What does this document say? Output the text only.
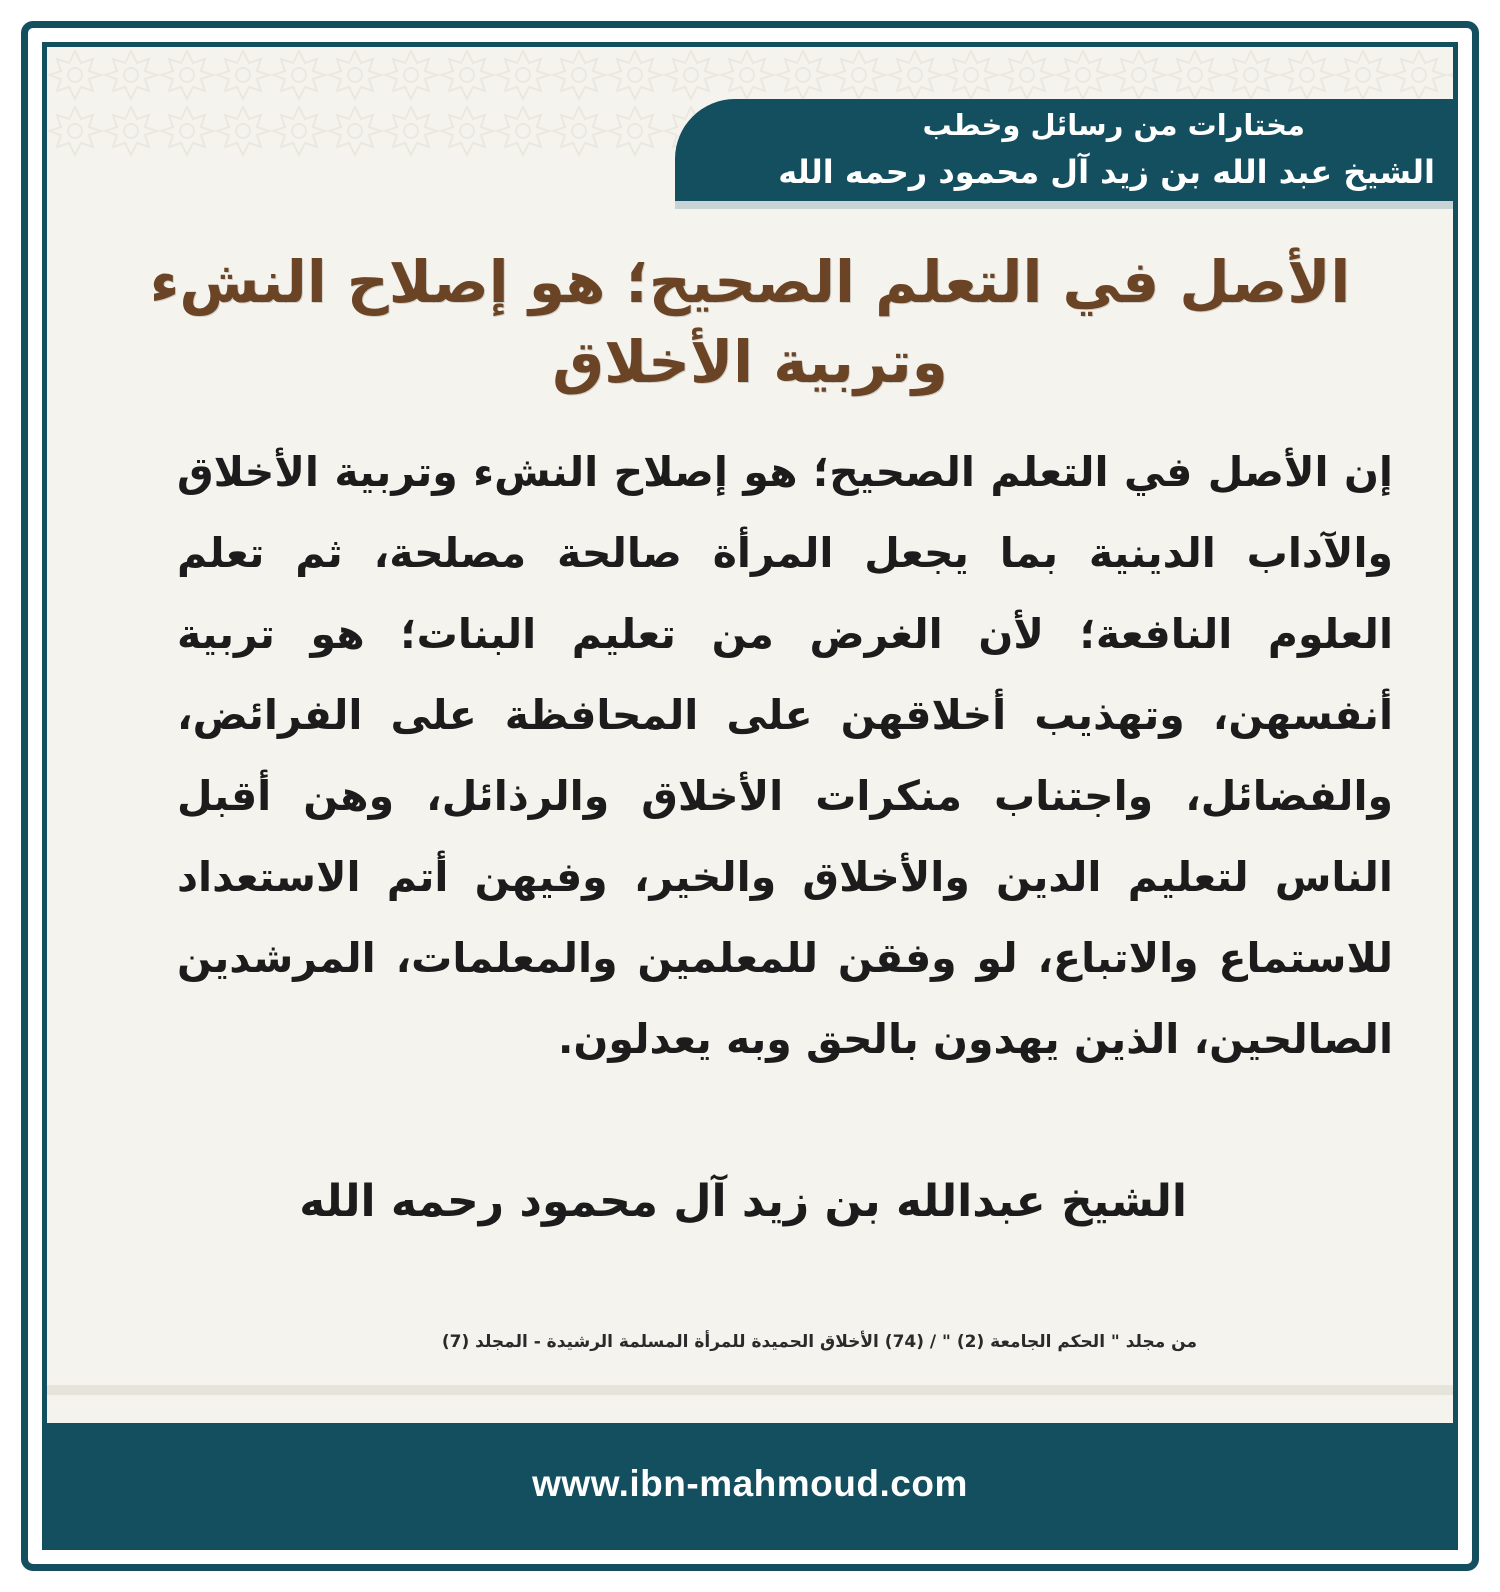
مختارات من رسائل وخطب
الشيخ عبد الله بن زيد آل محمود رحمه الله
الأصل في التعلم الصحيح؛ هو إصلاح النشء وتربية الأخلاق
إن الأصل في التعلم الصحيح؛ هو إصلاح النشء وتربية الأخلاق والآداب الدينية بما يجعل المرأة صالحة مصلحة، ثم تعلم العلوم النافعة؛ لأن الغرض من تعليم البنات؛ هو تربية أنفسهن، وتهذيب أخلاقهن على المحافظة على الفرائض، والفضائل، واجتناب منكرات الأخلاق والرذائل، وهن أقبل الناس لتعليم الدين والأخلاق والخير، وفيهن أتم الاستعداد للاستماع والاتباع، لو وفقن للمعلمين والمعلمات، المرشدين الصالحين، الذين يهدون بالحق وبه يعدلون.
الشيخ عبدالله بن زيد آل محمود رحمه الله
من مجلد " الحكم الجامعة (2) " / (74) الأخلاق الحميدة للمرأة المسلمة الرشيدة - المجلد (7)
www.ibn-mahmoud.com
